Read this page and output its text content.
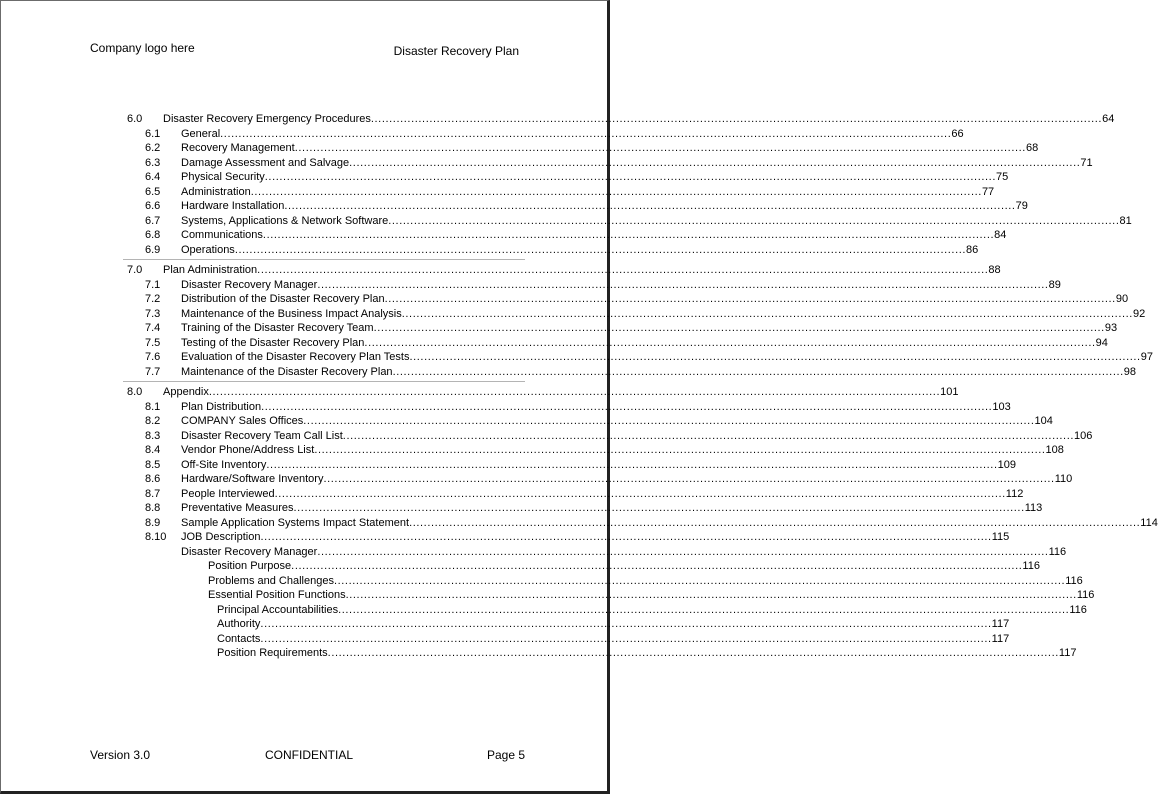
Company logo here	Disaster Recovery Plan
6.0 Disaster Recovery Emergency Procedures ........................................................................................................................................................................................................ 64
6.1 General ........................................................................................................................................................................................................ 66
6.2 Recovery Management ........................................................................................................................................................................................................ 68
6.3 Damage Assessment and Salvage ........................................................................................................................................................................................................ 71
6.4 Physical Security ........................................................................................................................................................................................................ 75
6.5 Administration ........................................................................................................................................................................................................ 77
6.6 Hardware Installation ........................................................................................................................................................................................................ 79
6.7 Systems, Applications & Network Software ........................................................................................................................................................................................................ 81
6.8 Communications ........................................................................................................................................................................................................ 84
6.9 Operations ........................................................................................................................................................................................................ 86
7.0 Plan Administration ........................................................................................................................................................................................................ 88
7.1 Disaster Recovery Manager ........................................................................................................................................................................................................ 89
7.2 Distribution of the Disaster Recovery Plan ........................................................................................................................................................................................................ 90
7.3 Maintenance of the Business Impact Analysis ........................................................................................................................................................................................................ 92
7.4 Training of the Disaster Recovery Team ........................................................................................................................................................................................................ 93
7.5 Testing of the Disaster Recovery Plan ........................................................................................................................................................................................................ 94
7.6 Evaluation of the Disaster Recovery Plan Tests ........................................................................................................................................................................................................ 97
7.7 Maintenance of the Disaster Recovery Plan ........................................................................................................................................................................................................ 98
8.0 Appendix ........................................................................................................................................................................................................ 101
8.1 Plan Distribution ........................................................................................................................................................................................................ 103
8.2 COMPANY Sales Offices ........................................................................................................................................................................................................ 104
8.3 Disaster Recovery Team Call List ........................................................................................................................................................................................................ 106
8.4 Vendor Phone/Address List ........................................................................................................................................................................................................ 108
8.5 Off-Site Inventory ........................................................................................................................................................................................................ 109
8.6 Hardware/Software Inventory ........................................................................................................................................................................................................ 110
8.7 People Interviewed ........................................................................................................................................................................................................ 112
8.8 Preventative Measures ........................................................................................................................................................................................................ 113
8.9 Sample Application Systems Impact Statement ........................................................................................................................................................................................................ 114
8.10 JOB Description ........................................................................................................................................................................................................ 115
Disaster Recovery Manager ........................................................................................................................................................................................................ 116
Position Purpose ........................................................................................................................................................................................................ 116
Problems and Challenges ........................................................................................................................................................................................................ 116
Essential Position Functions ........................................................................................................................................................................................................ 116
Principal Accountabilities ........................................................................................................................................................................................................ 116
Authority ........................................................................................................................................................................................................ 117
Contacts ........................................................................................................................................................................................................ 117
Position Requirements ........................................................................................................................................................................................................ 117
Version 3.0	CONFIDENTIAL	Page 5
